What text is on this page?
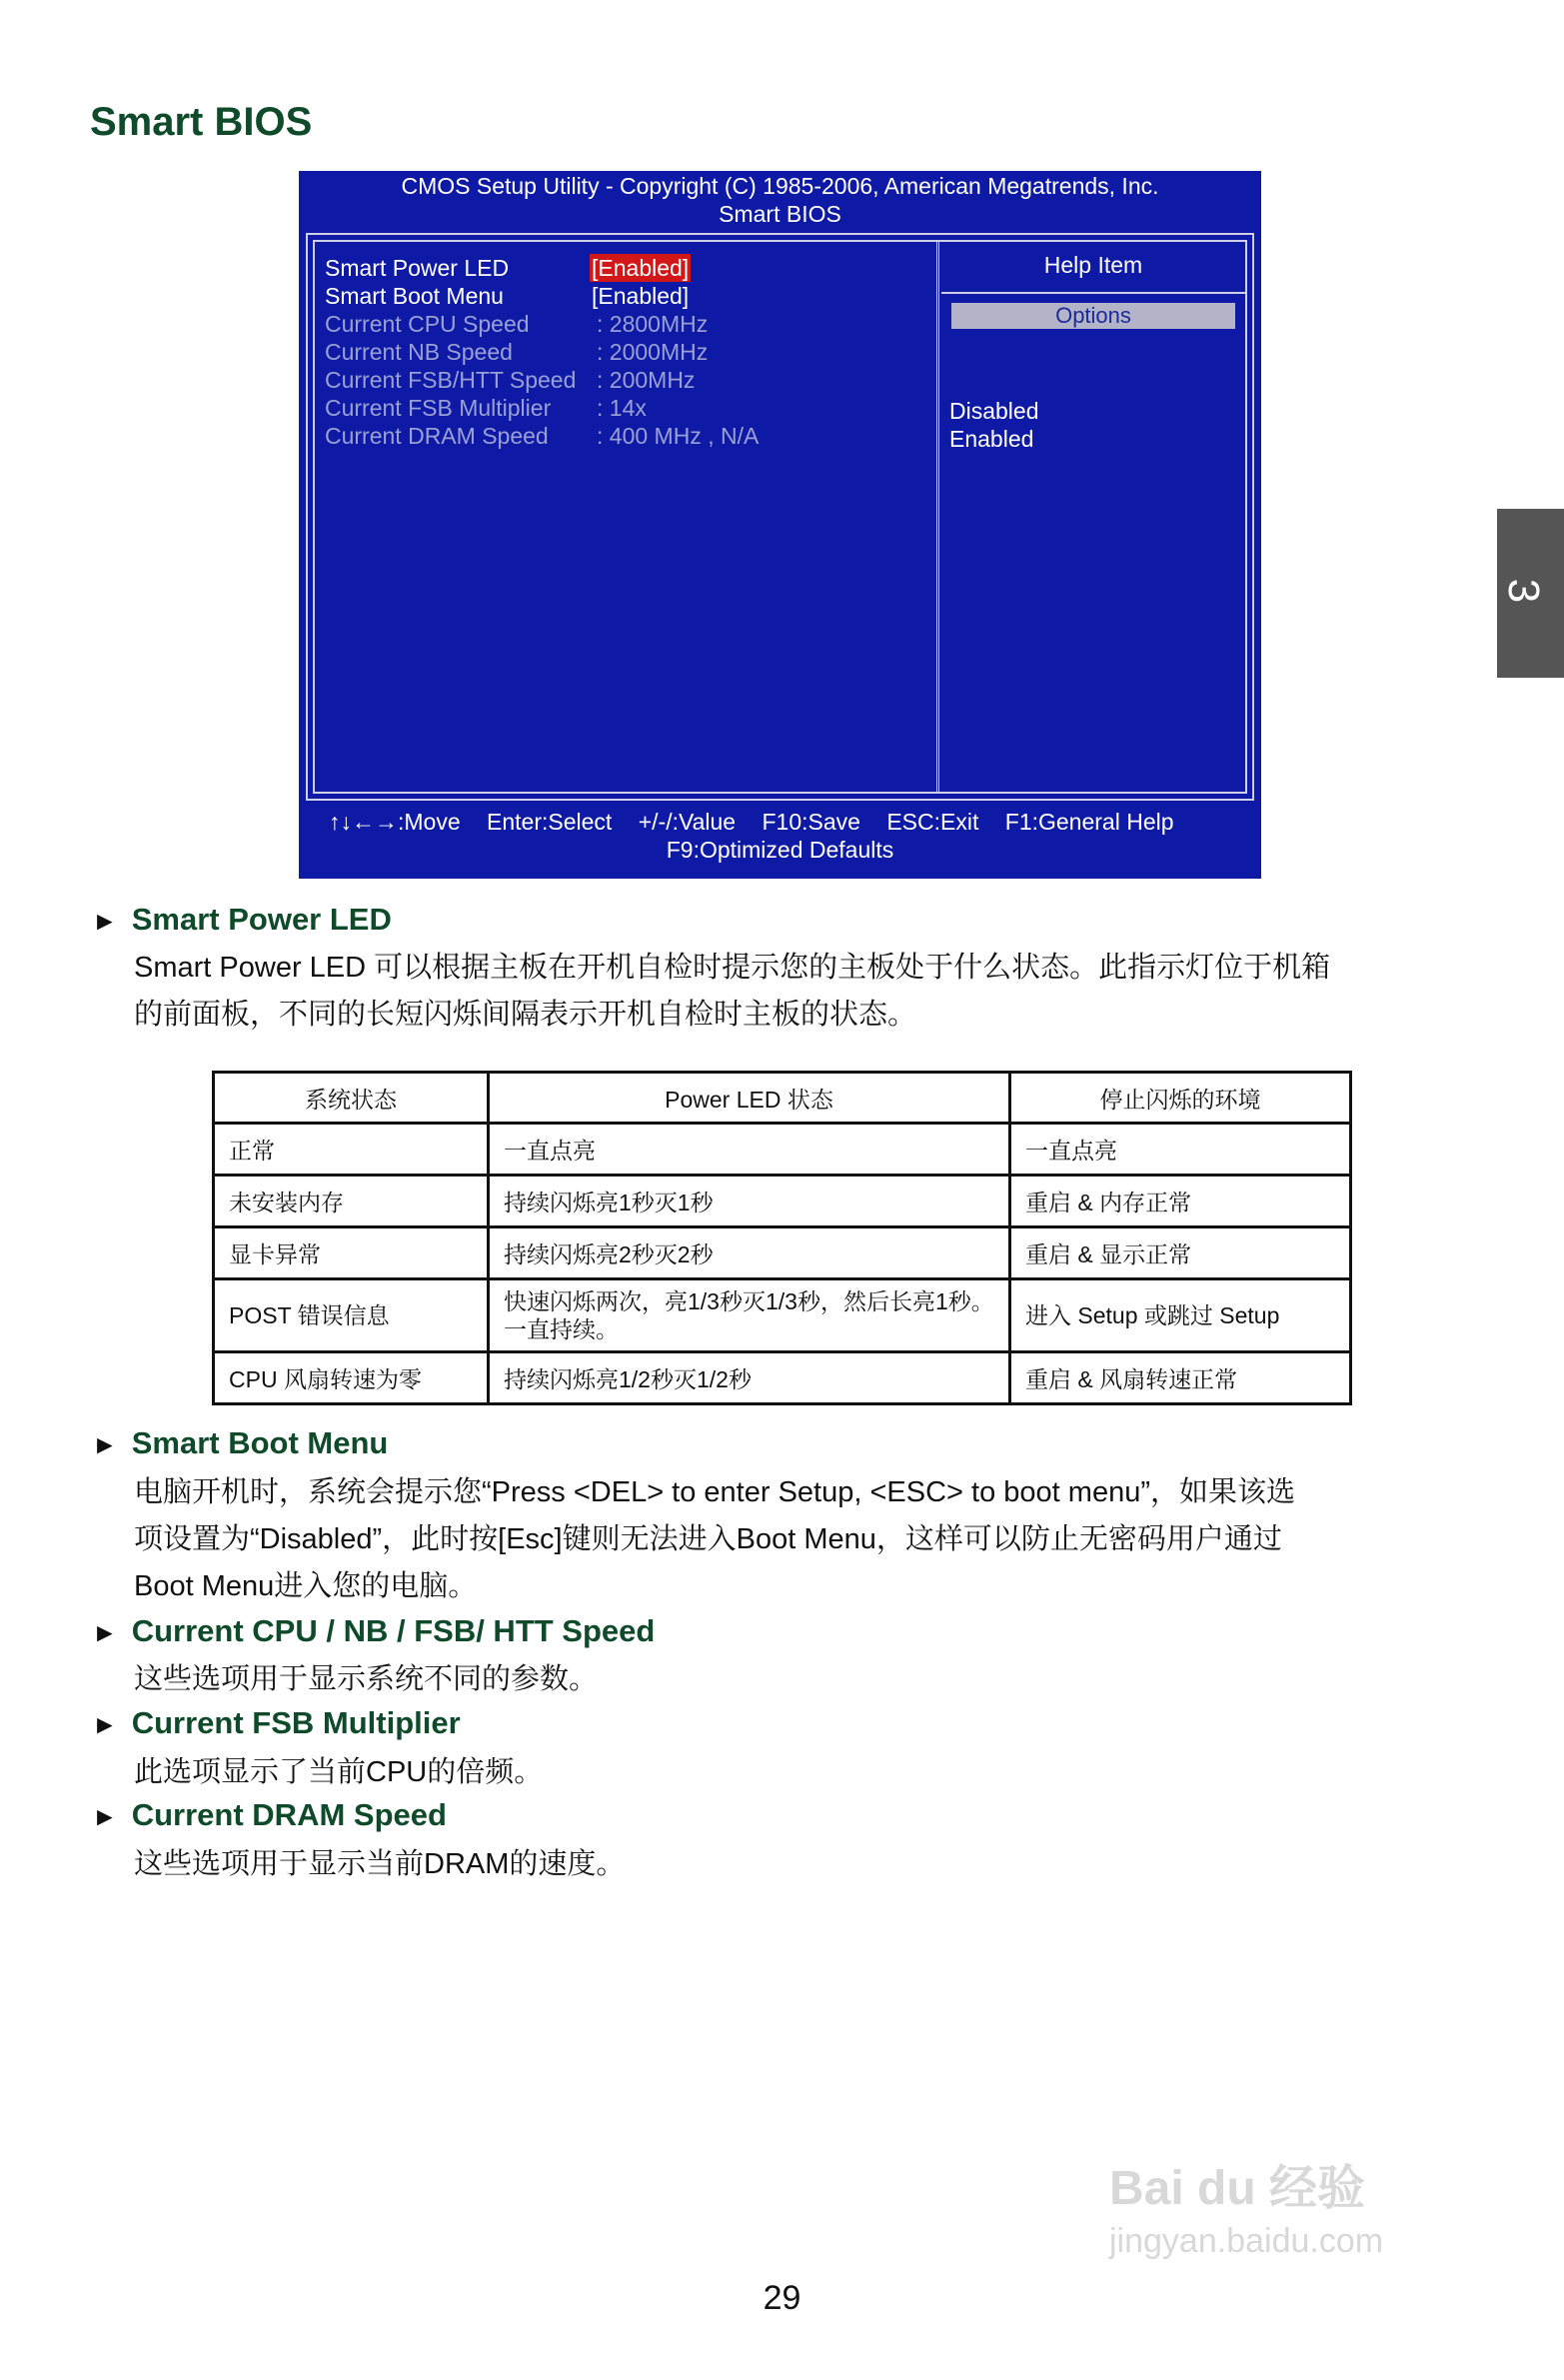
Smart BIOS
3
CMOS Setup Utility - Copyright (C) 1985-2006, American Megatrends, Inc.
Smart BIOS
Smart Power LED	[Enabled]
Smart Boot Menu	[Enabled]
Current CPU Speed	: 2800MHz
Current NB Speed	: 2000MHz
Current FSB/HTT Speed : 200MHz
Current FSB Multiplier : 14x
Current DRAM Speed : 400 MHz , N/A
Help Item
Options
Disabled
Enabled
↑↓←→:Move Enter:Select +/-/:Value F10:Save ESC:Exit F1:General Help
F9:Optimized Defaults
► Smart Power LED
Smart Power LED 可以根据主板在开机自检时提示您的主板处于什么状态。此指示灯位于机箱
的前面板，不同的长短闪烁间隔表示开机自检时主板的状态。
系统状态	Power LED 状态	停止闪烁的环境
正常	一直点亮	一直点亮
未安装内存	持续闪烁亮1秒灭1秒	重启 & 内存正常
显卡异常	持续闪烁亮2秒灭2秒	重启 & 显示正常
POST 错误信息	快速闪烁两次，亮1/3秒灭1/3秒，然后长亮1秒。一直持续。	进入 Setup 或跳过 Setup
CPU 风扇转速为零	持续闪烁亮1/2秒灭1/2秒	重启 & 风扇转速正常
► Smart Boot Menu
电脑开机时，系统会提示您“Press <DEL> to enter Setup, <ESC> to boot menu”，如果该选
项设置为“Disabled”，此时按[Esc]键则无法进入Boot Menu，这样可以防止无密码用户通过
Boot Menu进入您的电脑。
► Current CPU / NB / FSB/ HTT Speed
这些选项用于显示系统不同的参数。
► Current FSB Multiplier
此选项显示了当前CPU的倍频。
► Current DRAM Speed
这些选项用于显示当前DRAM的速度。
Bai du 经验
jingyan.baidu.com
29
